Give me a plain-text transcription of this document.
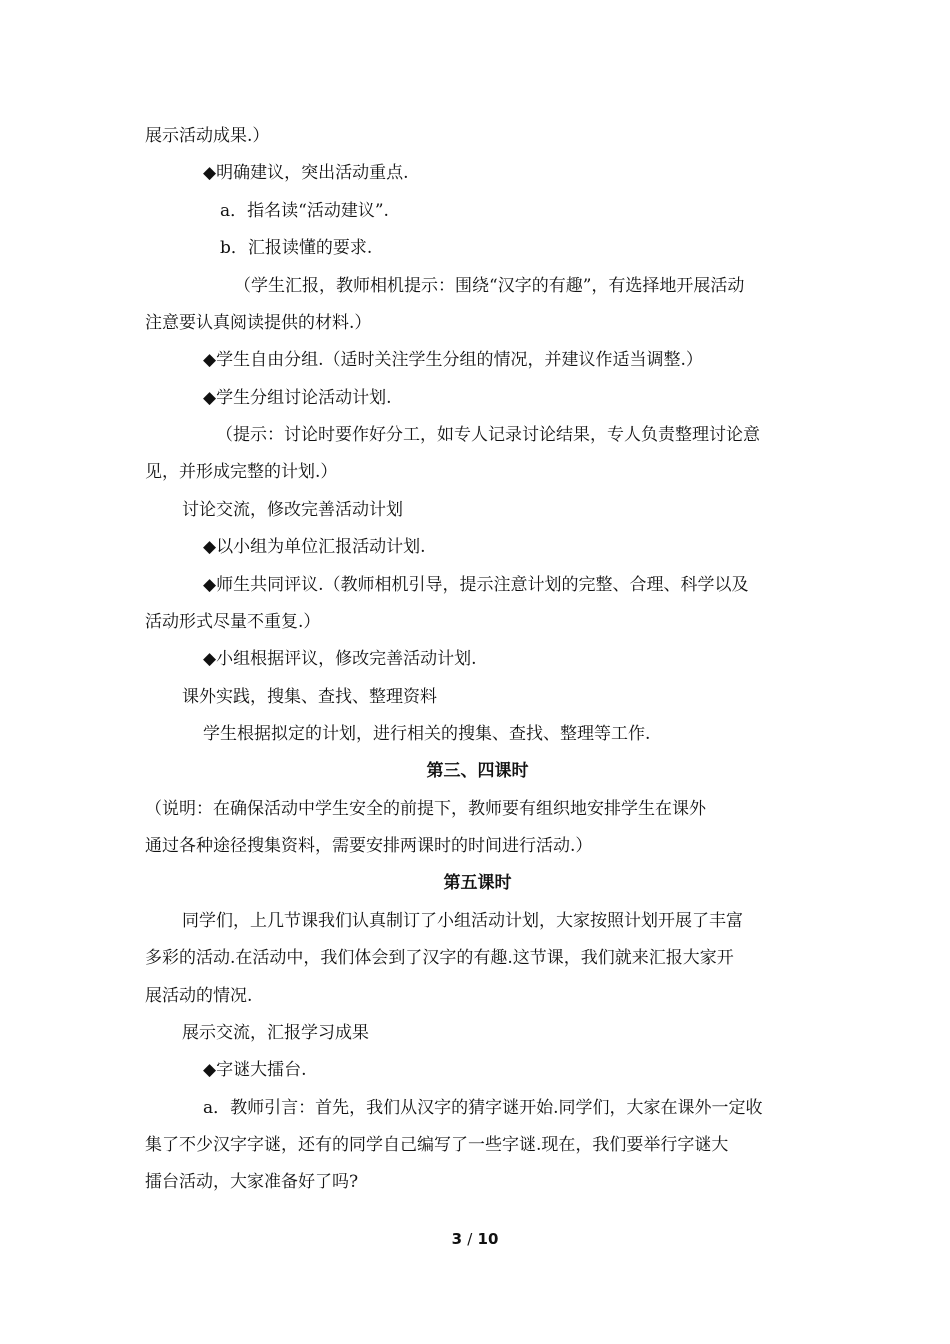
展示活动成果.）
◆明确建议，突出活动重点.
a．指名读“活动建议”.
b．汇报读懂的要求.
（学生汇报，教师相机提示：围绕“汉字的有趣”，有选择地开展活动
注意要认真阅读提供的材料.）
◆学生自由分组.（适时关注学生分组的情况，并建议作适当调整.）
◆学生分组讨论活动计划.
（提示：讨论时要作好分工，如专人记录讨论结果，专人负责整理讨论意
见，并形成完整的计划.）
讨论交流，修改完善活动计划
◆以小组为单位汇报活动计划.
◆师生共同评议.（教师相机引导，提示注意计划的完整、合理、科学以及
活动形式尽量不重复.）
◆小组根据评议，修改完善活动计划.
课外实践，搜集、查找、整理资料
学生根据拟定的计划，进行相关的搜集、查找、整理等工作.
第三、四课时
（说明：在确保活动中学生安全的前提下，教师要有组织地安排学生在课外
通过各种途径搜集资料，需要安排两课时的时间进行活动.）
第五课时
同学们，上几节课我们认真制订了小组活动计划，大家按照计划开展了丰富
多彩的活动.在活动中，我们体会到了汉字的有趣.这节课，我们就来汇报大家开
展活动的情况.
展示交流，汇报学习成果
◆字谜大擂台.
a．教师引言：首先，我们从汉字的猜字谜开始.同学们，大家在课外一定收
集了不少汉字字谜，还有的同学自己编写了一些字谜.现在，我们要举行字谜大
擂台活动，大家准备好了吗?
3 / 10
